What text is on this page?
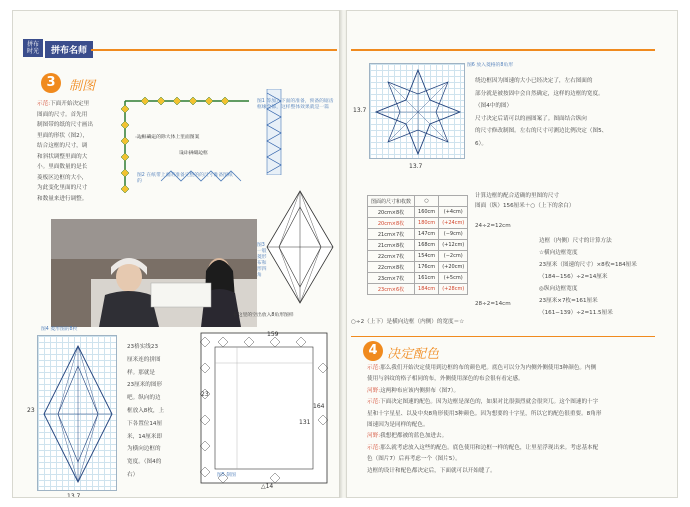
拼布
时光	拼布名师
3	制图
示范:下面开始决定里
图面的尺寸。首先用
制图带的纸的尺寸画出
里面的形状（图2），
结合这框的尺寸，调
和斜状调整里面的大
小。里面数量的是长
菱板区边框的大小，
为此变化里面的尺寸
和数量来进行调整。
边框确定的除大体上里面图案
设计拼缀边框
图2 在纸带上面的准备完整的的尺寸准备图纸的
图1 等加入下面的准备，预备的锯齿框缘全部，这样整体效果就是一篇
图3 一般菱形布和形四角
在这里的空出放入8角形图样
图4 菱形图的8枚
23
13.7
23格实线23
厘米连的拼图
样。那就是
23厘米的图形
吧。纵向的边
框放入8枚，上
下各置位14厘
米，14厘米即
为横向边框的
宽度。（图4的
右）
159
164
131
△14
23
图5 制图
13.7
13.7
图6 放入菱格的8角形
绕边框因为图速的大小已经决定了，左右图面的
部分就是被按固中会自然确定，这样的边框的宽度。
（图4中的图）
尺寸决定后请可以的画图案了。图面结合纵向
的尺寸修改制图。左右的尺寸可测边比例决定（图5、
6）。
图面的尺寸和枚数	○	
20cm×8枚	160cm	(+4cm)
20cm×8枚	180cm	(+24cm)
21cm×7枚	147cm	(−9cm)
21cm×8枚	168cm	(+12cm)
22cm×7枚	154cm	(−2cm)
22cm×8枚	176cm	(+20cm)
23cm×7枚	161cm	(+5cm)
23cm×6枚	184cm	(+28cm)
计算边框的配合适确的里图的尺寸
图面（纵）156厘米＋○（上下的余白）
24÷2=12cm
28÷2=14cm
○÷2（上下）是横向边框（内侧）的宽度＝☆
边框（内侧）尺寸的计算方法
☆横向边框宽度
23厘米（图速的尺寸）×8枚=184厘米
（184−156）÷2=14厘米
◎纵向边框宽度
23厘米×7枚=161厘米
（161−139）÷2=11.5厘米
4 决定配色
示范:那么我们开始决定使用到边框的布的颜色吧。底色可以分为内侧外侧使用3种颜色。内侧
使用与斜纹的格子相同的布，外侧使用深色的布会很有看定感。
河野:这两种布应该内侧拼布（图7）。
示范:下面决定图速的配色。因为边框是深色的，如果对比很强烈就会很突兀。这个图速的十字
星和十字星星、以及中央8角形使用3种颜色。因为想要的十字星，所以它的配色很重要。8角形
图速因为是同样的配色。
河野:我想把都被的蓝色加进去。
示范:那么就考虑放入这些的配色。底色使用和边框一样的配色，让里星浮现出来。考虑基本配
色（图片7）后再考虑一个（图片5）。
边框的设计和配色都决定后，下面就可以开始缝了。
